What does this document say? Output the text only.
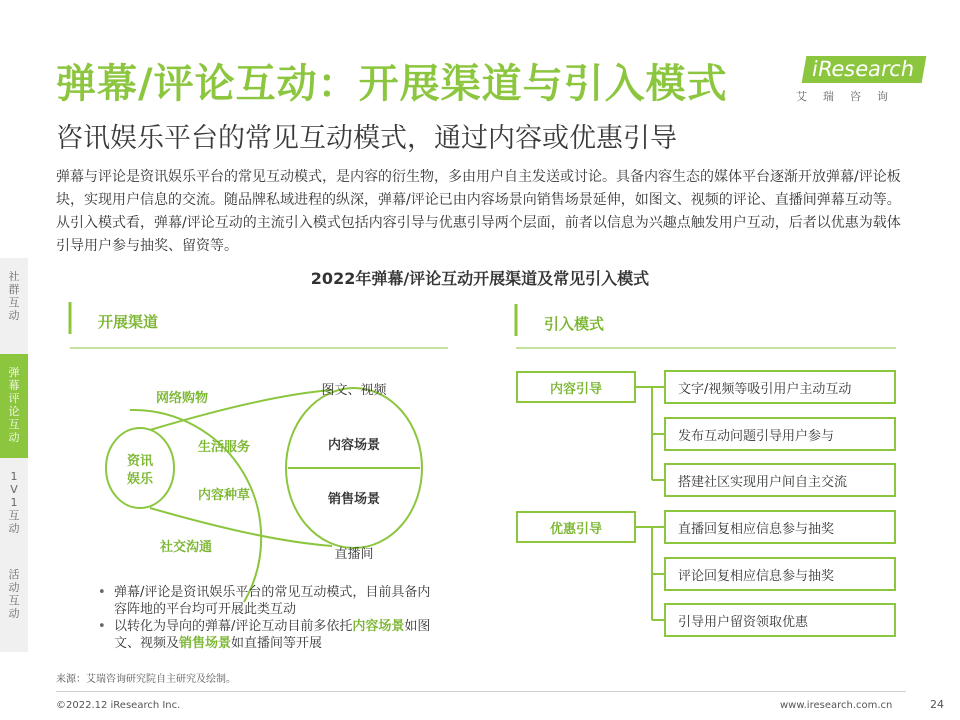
弹幕/评论互动：开展渠道与引入模式
咨讯娱乐平台的常见互动模式，通过内容或优惠引导
iResearch
艾瑞咨询

弹幕与评论是资讯娱乐平台的常见互动模式，是内容的衍生物，多由用户自主发送或讨论。具备内容生态的媒体平台逐渐开放弹幕/评论板块，实现用户信息的交流。随品牌私域进程的纵深，弹幕/评论已由内容场景向销售场景延伸，如图文、视频的评论、直播间弹幕互动等。从引入模式看，弹幕/评论互动的主流引入模式包括内容引导与优惠引导两个层面，前者以信息为兴趣点触发用户互动，后者以优惠为载体引导用户参与抽奖、留资等。

2022年弹幕/评论互动开展渠道及常见引入模式
社
群
互
动
弹
幕
评
论
互
动
1
V
1
互
动
活
动
互
动
资讯娱乐
网络购物
生活服务
内容种草
社交沟通
内容场景
销售场景
图文、视频
直播间
开展渠道	引入模式
内容引导
优惠引导
文字/视频等吸引用户主动互动
发布互动问题引导用户参与
搭建社区实现用户间自主交流
直播回复相应信息参与抽奖
评论回复相应信息参与抽奖
引导用户留资领取优惠
• 弹幕/评论是资讯娱乐平台的常见互动模式，目前具备内容阵地的平台均可开展此类互动
• 以转化为导向的弹幕/评论互动目前多依托内容场景如图文、视频及销售场景如直播间等开展
来源：艾瑞咨询研究院自主研究及绘制。
©2022.12 iResearch Inc.	www.iresearch.com.cn	24
